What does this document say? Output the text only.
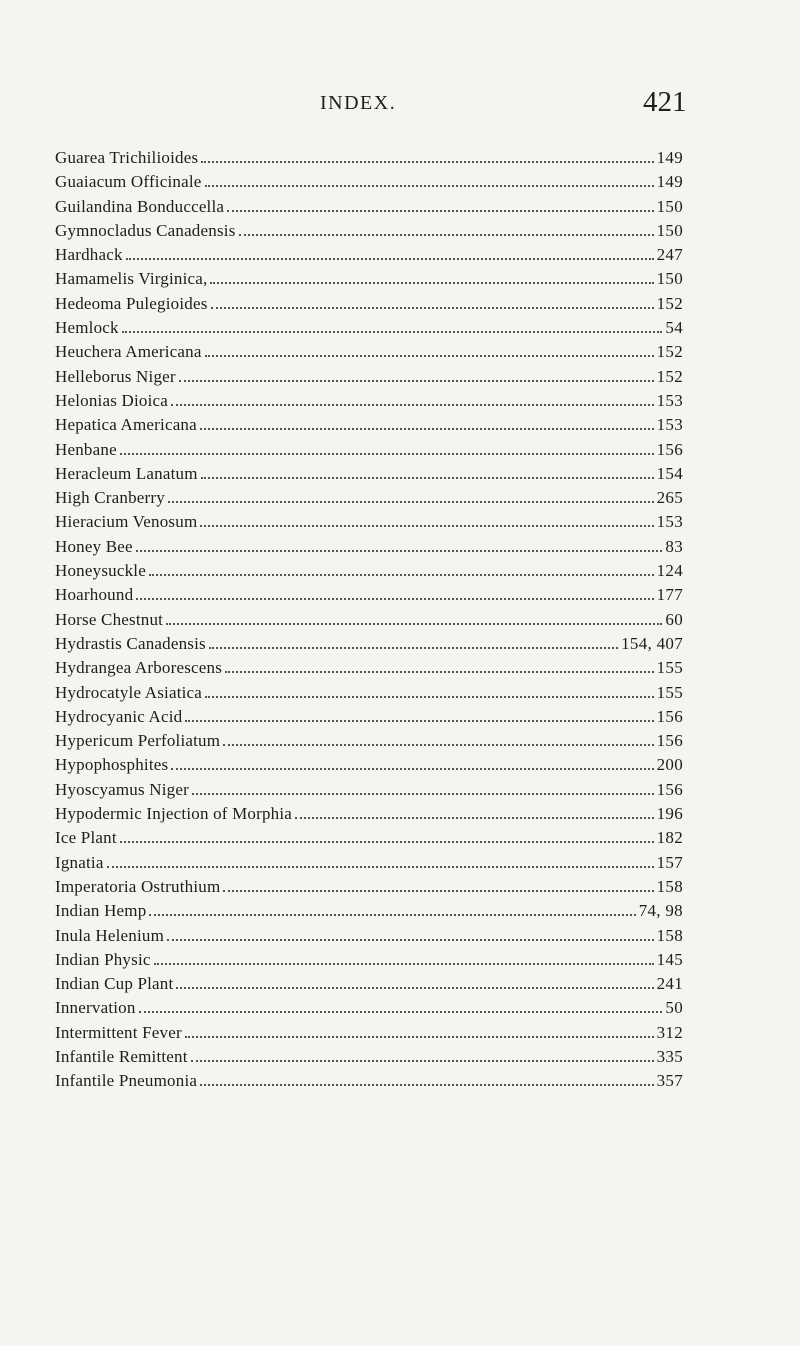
INDEX.	421
Guarea Trichilioides	149
Guaiacum Officinale	149
Guilandina Bonduccella	150
Gymnocladus Canadensis	150
Hardhack	247
Hamamelis Virginica,	150
Hedeoma Pulegioides	152
Hemlock	54
Heuchera Americana	152
Helleborus Niger	152
Helonias Dioica	153
Hepatica Americana	153
Henbane	156
Heracleum Lanatum	154
High Cranberry	265
Hieracium Venosum	153
Honey Bee	83
Honeysuckle	124
Hoarhound	177
Horse Chestnut	60
Hydrastis Canadensis	154, 407
Hydrangea Arborescens	155
Hydrocatyle Asiatica	155
Hydrocyanic Acid	156
Hypericum Perfoliatum	156
Hypophosphites	200
Hyoscyamus Niger	156
Hypodermic Injection of Morphia	196
Ice Plant	182
Ignatia	157
Imperatoria Ostruthium	158
Indian Hemp	74, 98
Inula Helenium	158
Indian Physic	145
Indian Cup Plant	241
Innervation	50
Intermittent Fever	312
Infantile Remittent	335
Infantile Pneumonia	357
